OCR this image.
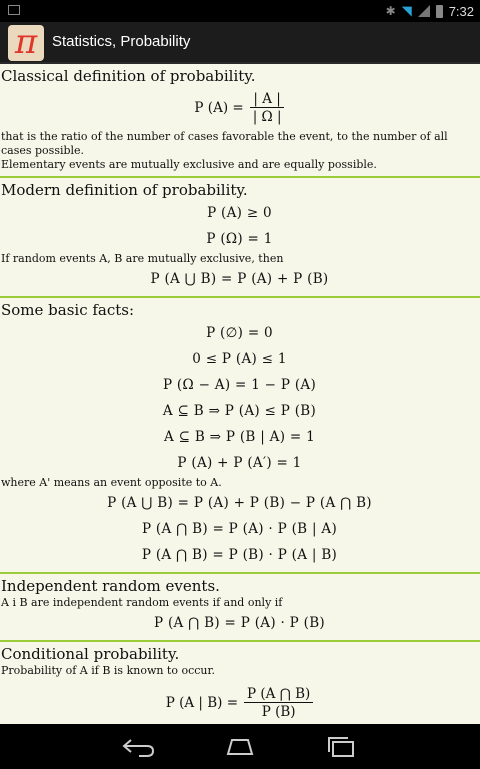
✱ ◥	7:32
π Statistics, Probability
Classical definition of probability.
P $(A) = \frac{| A |}{| \Omega |}$

that is the ratio of the number of cases favorable the event, to the number of all cases possible.

Elementary events are mutually exclusive and are equally possible.

Modern definition of probability.
P (A) ≥ 0
P (Ω) = 1

If random events A, B are mutually exclusive, then

P (A ⋃ B) = P (A) + P (B)
Some basic facts:
P (∅) = 0
0 ≤ P (A) ≤ 1
P (Ω − A) = 1 − P (A)
A ⊆ B ⇒ P (A) ≤ P (B)
A ⊆ B ⇒ P (B | A) = 1
P (A) + P (A′) = 1

where A' means an event opposite to A.

P (A ⋃ B) = P (A) + P (B) − P (A ⋂ B)
P (A ⋂ B) = P (A) · P (B | A)
P (A ⋂ B) = P (B) · P (A | B)
Independent random events.

A i B are independent random events if and only if

P (A ⋂ B) = P (A) · P (B)
Conditional probability.

Probability of A if B is known to occur.

P (A | $B) = \frac{P (A ⋂ B)}{P (B)}$
